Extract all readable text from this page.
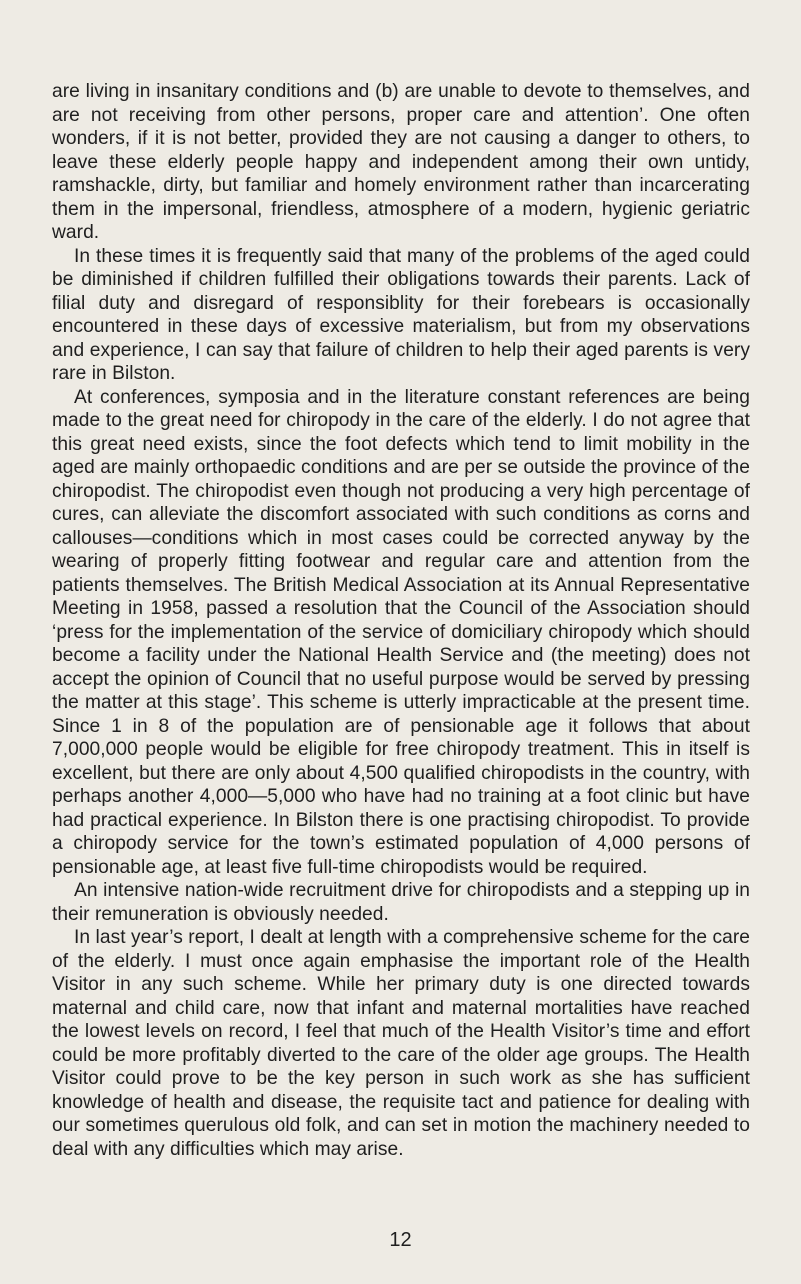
are living in insanitary conditions and (b) are unable to devote to themselves, and are not receiving from other persons, proper care and attention’. One often wonders, if it is not better, provided they are not causing a danger to others, to leave these elderly people happy and independent among their own untidy, ramshackle, dirty, but familiar and homely environment rather than incarcerating them in the impersonal, friendless, atmosphere of a modern, hygienic geriatric ward.

In these times it is frequently said that many of the problems of the aged could be diminished if children fulfilled their obligations towards their parents. Lack of filial duty and disregard of responsiblity for their forebears is occasionally encountered in these days of excessive materialism, but from my observations and experience, I can say that failure of children to help their aged parents is very rare in Bilston.

At conferences, symposia and in the literature constant references are being made to the great need for chiropody in the care of the elderly. I do not agree that this great need exists, since the foot defects which tend to limit mobility in the aged are mainly orthopaedic conditions and are per se outside the province of the chiropodist. The chiropodist even though not producing a very high percentage of cures, can alleviate the discomfort associated with such conditions as corns and callouses—conditions which in most cases could be corrected anyway by the wearing of properly fitting footwear and regular care and attention from the patients themselves. The British Medical Association at its Annual Representative Meeting in 1958, passed a resolution that the Council of the Association should ‘press for the implementation of the service of domiciliary chiropody which should become a facility under the National Health Service and (the meeting) does not accept the opinion of Council that no useful purpose would be served by pressing the matter at this stage’. This scheme is utterly impracticable at the present time. Since 1 in 8 of the population are of pensionable age it follows that about 7,000,000 people would be eligible for free chiropody treatment. This in itself is excellent, but there are only about 4,500 qualified chiropodists in the country, with perhaps another 4,000—5,000 who have had no training at a foot clinic but have had practical experience. In Bilston there is one practising chiropodist. To provide a chiropody service for the town’s estimated population of 4,000 persons of pensionable age, at least five full-time chiropodists would be required.

An intensive nation-wide recruitment drive for chiropodists and a stepping up in their remuneration is obviously needed.

In last year’s report, I dealt at length with a comprehensive scheme for the care of the elderly. I must once again emphasise the important role of the Health Visitor in any such scheme. While her primary duty is one directed towards maternal and child care, now that infant and maternal mortalities have reached the lowest levels on record, I feel that much of the Health Visitor’s time and effort could be more profitably diverted to the care of the older age groups. The Health Visitor could prove to be the key person in such work as she has sufficient knowledge of health and disease, the requisite tact and patience for dealing with our sometimes querulous old folk, and can set in motion the machinery needed to deal with any difficulties which may arise.

12
